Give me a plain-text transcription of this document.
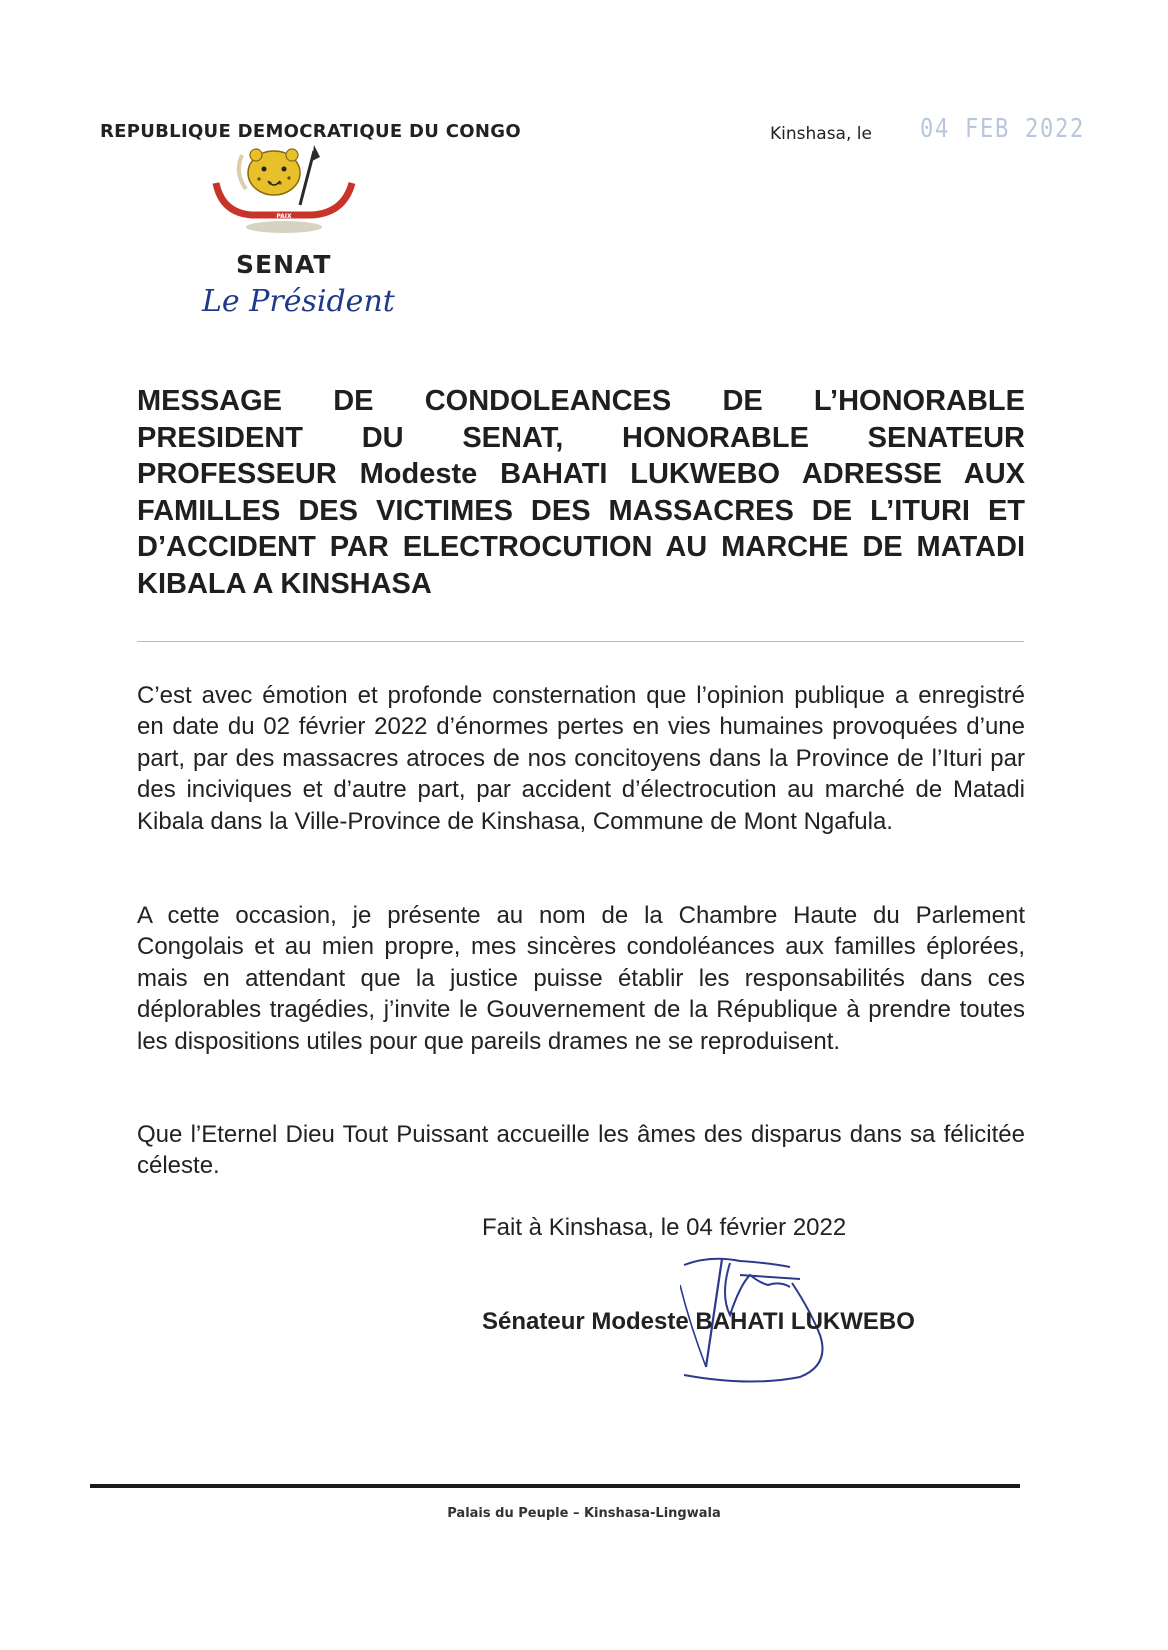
REPUBLIQUE DEMOCRATIQUE DU CONGO	Kinshasa, le 04 FEB 2022
PAIX
SENAT
Le Président

MESSAGE DE CONDOLEANCES DE L’HONORABLE PRESIDENT DU SENAT, HONORABLE SENATEUR PROFESSEUR Modeste BAHATI LUKWEBO ADRESSE AUX FAMILLES DES VICTIMES DES MASSACRES DE L’ITURI ET D’ACCIDENT PAR ELECTROCUTION AU MARCHE DE MATADI KIBALA A KINSHASA

C’est avec émotion et profonde consternation que l’opinion publique a enregistré en date du 02 février 2022 d’énormes pertes en vies humaines provoquées d’une part, par des massacres atroces de nos concitoyens dans la Province de l’Ituri par des inciviques et d’autre part, par accident d’électrocution au marché de Matadi Kibala dans la Ville-Province de Kinshasa, Commune de Mont Ngafula.

A cette occasion, je présente au nom de la Chambre Haute du Parlement Congolais et au mien propre, mes sincères condoléances aux familles éplorées, mais en attendant que la justice puisse établir les responsabilités dans ces déplorables tragédies, j’invite le Gouvernement de la République à prendre toutes les dispositions utiles pour que pareils drames ne se reproduisent.

Que l’Eternel Dieu Tout Puissant accueille les âmes des disparus dans sa félicitée céleste.

Fait à Kinshasa, le 04 février 2022
Sénateur Modeste BAHATI LUKWEBO
Palais du Peuple – Kinshasa-Lingwala
